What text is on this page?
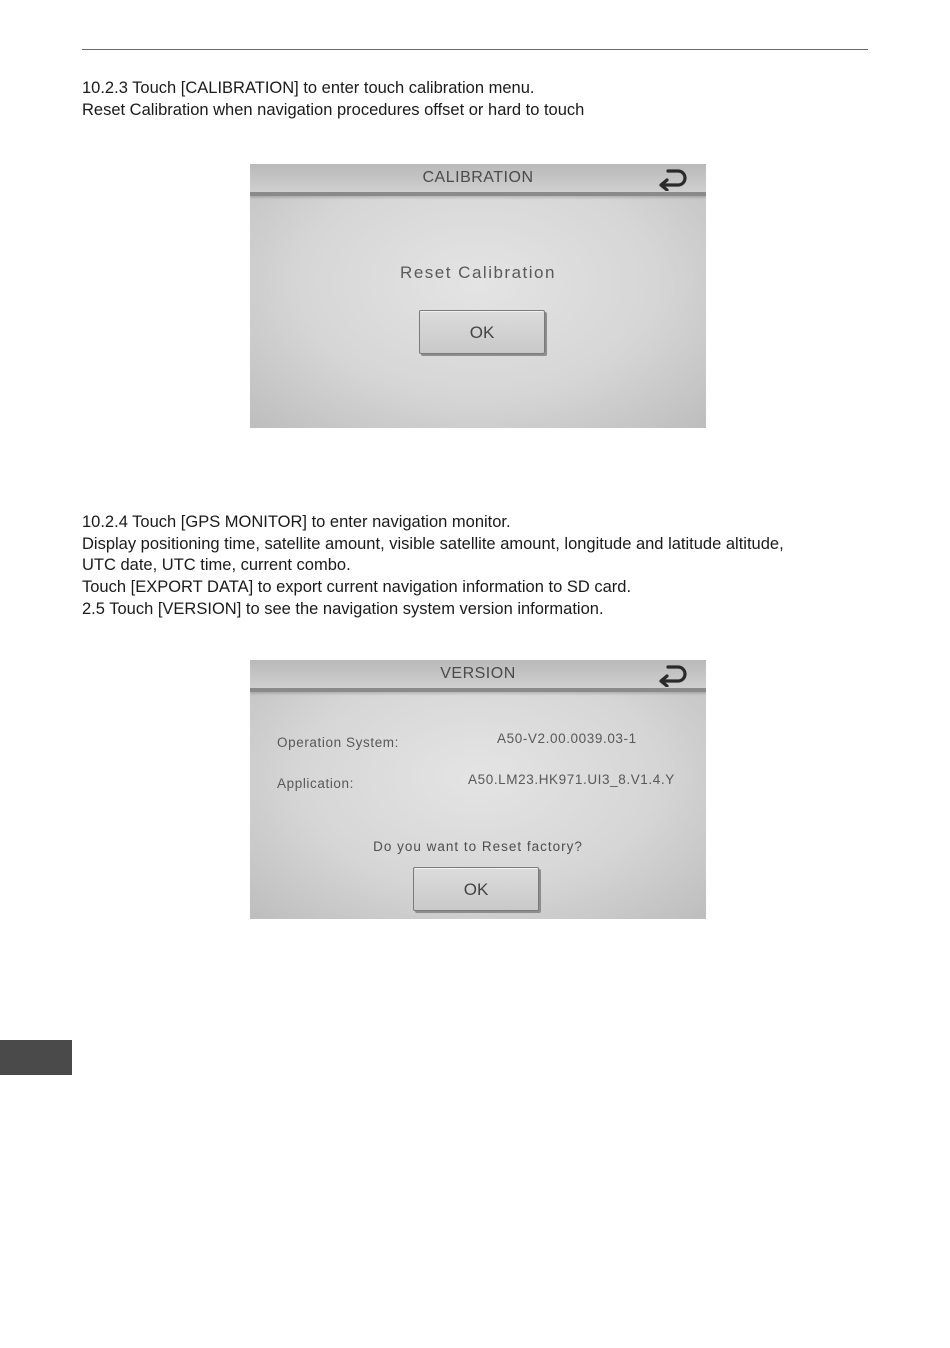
10.2.3 Touch [CALIBRATION] to enter touch calibration menu.

Reset Calibration when navigation procedures offset or hard to touch

CALIBRATION
Reset Calibration
OK

10.2.4 Touch [GPS MONITOR] to enter navigation monitor.

Display positioning time, satellite amount, visible satellite amount, longitude and latitude altitude,

UTC date, UTC time, current combo.

Touch [EXPORT DATA] to export current navigation information to SD card.

2.5 Touch [VERSION] to see the navigation system version information.

VERSION
Operation System:	A50-V2.00.0039.03-1
Application:	A50.LM23.HK971.UI3_8.V1.4.Y
Do you want to Reset factory?
OK
